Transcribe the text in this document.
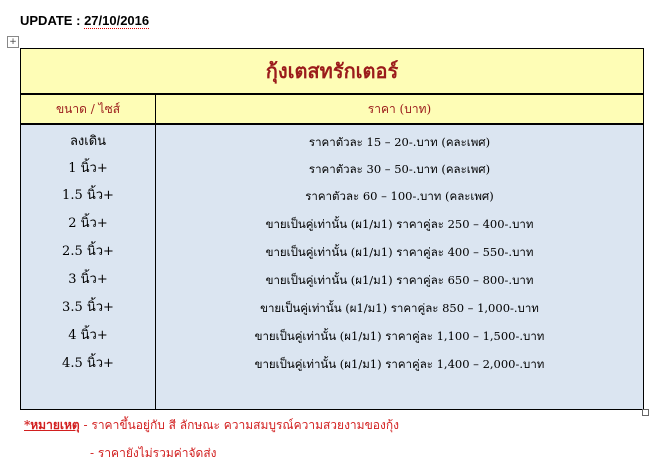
UPDATE : 27/10/2016
+
กุ้งเตสทรักเตอร์
ขนาด / ไซส์	ราคา (บาท)
ลงเดิน	ราคาตัวละ 15 – 20-.บาท (คละเพศ)
1 นิ้ว+	ราคาตัวละ 30 – 50-.บาท (คละเพศ)
1.5 นิ้ว+	ราคาตัวละ 60 – 100-.บาท (คละเพศ)
2 นิ้ว+	ขายเป็นคู่เท่านั้น (ผ1/ม1) ราคาคู่ละ 250 – 400-.บาท
2.5 นิ้ว+	ขายเป็นคู่เท่านั้น (ผ1/ม1) ราคาคู่ละ 400 – 550-.บาท
3 นิ้ว+	ขายเป็นคู่เท่านั้น (ผ1/ม1) ราคาคู่ละ 650 – 800-.บาท
3.5 นิ้ว+	ขายเป็นคู่เท่านั้น (ผ1/ม1) ราคาคู่ละ 850 – 1,000-.บาท
4 นิ้ว+	ขายเป็นคู่เท่านั้น (ผ1/ม1) ราคาคู่ละ 1,100 – 1,500-.บาท
4.5 นิ้ว+	ขายเป็นคู่เท่านั้น (ผ1/ม1) ราคาคู่ละ 1,400 – 2,000-.บาท
*หมายเหตุ - ราคาขึ้นอยู่กับ สี ลักษณะ ความสมบูรณ์ความสวยงามของกุ้ง
- ราคายังไม่รวมค่าจัดส่ง
